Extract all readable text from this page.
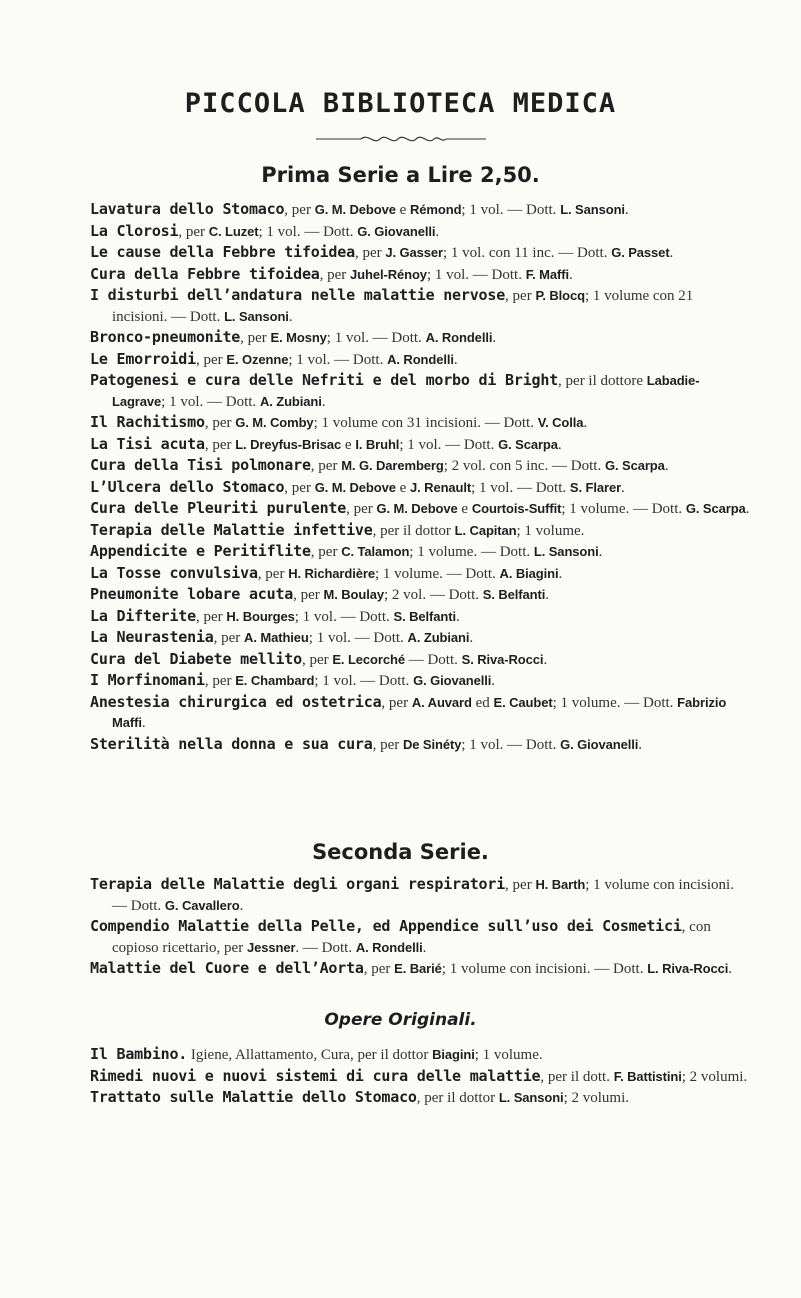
PICCOLA BIBLIOTECA MEDICA
Prima Serie a Lire 2,50.
Lavatura dello Stomaco, per G. M. Debove e Rémond; 1 vol. — Dott. L. Sansoni.
La Clorosi, per C. Luzet; 1 vol. — Dott. G. Giovanelli.
Le cause della Febbre tifoidea, per J. Gasser; 1 vol. con 11 inc. — Dott. G. Passet.
Cura della Febbre tifoidea, per Juhel-Rénoy; 1 vol. — Dott. F. Maffi.
I disturbi dell’andatura nelle malattie nervose, per P. Blocq; 1 volume con 21 incisioni. — Dott. L. Sansoni.
Bronco-pneumonite, per E. Mosny; 1 vol. — Dott. A. Rondelli.
Le Emorroidi, per E. Ozenne; 1 vol. — Dott. A. Rondelli.
Patogenesi e cura delle Nefriti e del morbo di Bright, per il dottore Labadie-Lagrave; 1 vol. — Dott. A. Zubiani.
Il Rachitismo, per G. M. Comby; 1 volume con 31 incisioni. — Dott. V. Colla.
La Tisi acuta, per L. Dreyfus-Brisac e I. Bruhl; 1 vol. — Dott. G. Scarpa.
Cura della Tisi polmonare, per M. G. Daremberg; 2 vol. con 5 inc. — Dott. G. Scarpa.
L’Ulcera dello Stomaco, per G. M. Debove e J. Renault; 1 vol. — Dott. S. Flarer.
Cura delle Pleuriti purulente, per G. M. Debove e Courtois-Suffit; 1 volume. — Dott. G. Scarpa.
Terapia delle Malattie infettive, per il dottor L. Capitan; 1 volume.
Appendicite e Peritiflite, per C. Talamon; 1 volume. — Dott. L. Sansoni.
La Tosse convulsiva, per H. Richardière; 1 volume. — Dott. A. Biagini.
Pneumonite lobare acuta, per M. Boulay; 2 vol. — Dott. S. Belfanti.
La Difterite, per H. Bourges; 1 vol. — Dott. S. Belfanti.
La Neurastenia, per A. Mathieu; 1 vol. — Dott. A. Zubiani.
Cura del Diabete mellito, per E. Lecorché — Dott. S. Riva-Rocci.
I Morfinomani, per E. Chambard; 1 vol. — Dott. G. Giovanelli.
Anestesia chirurgica ed ostetrica, per A. Auvard ed E. Caubet; 1 volume. — Dott. Fabrizio Maffi.
Sterilità nella donna e sua cura, per De Sinéty; 1 vol. — Dott. G. Giovanelli.
Seconda Serie.
Terapia delle Malattie degli organi respiratori, per H. Barth; 1 volume con incisioni. — Dott. G. Cavallero.
Compendio Malattie della Pelle, ed Appendice sull’uso dei Cosmetici, con copioso ricettario, per Jessner. — Dott. A. Rondelli.
Malattie del Cuore e dell’Aorta, per E. Barié; 1 volume con incisioni. — Dott. L. Riva-Rocci.
Opere Originali.
Il Bambino. Igiene, Allattamento, Cura, per il dottor Biagini; 1 volume.
Rimedi nuovi e nuovi sistemi di cura delle malattie, per il dott. F. Battistini; 2 volumi.
Trattato sulle Malattie dello Stomaco, per il dottor L. Sansoni; 2 volumi.
